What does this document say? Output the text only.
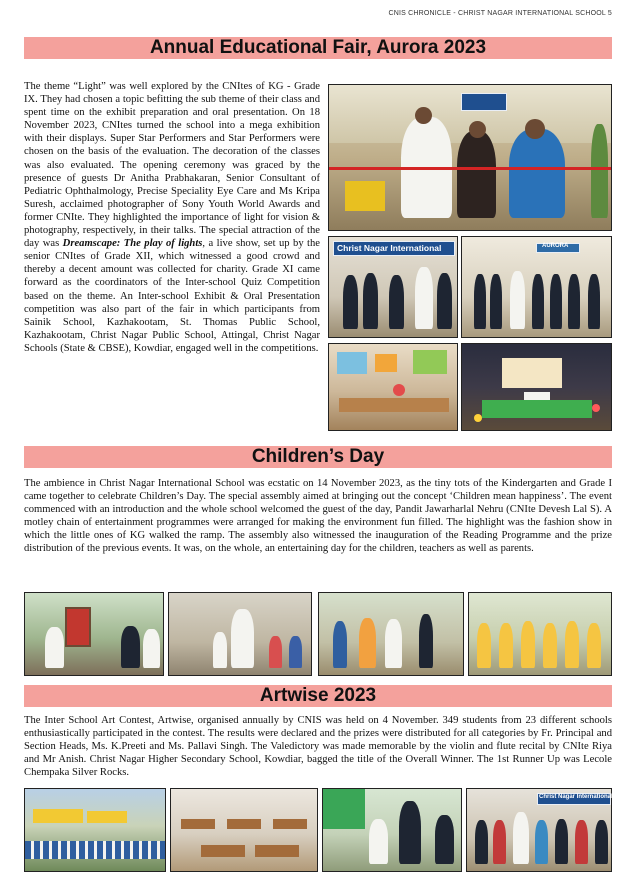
CNIS CHRONICLE - CHRIST NAGAR INTERNATIONAL SCHOOL 5
Annual Educational Fair, Aurora 2023

The theme “Light” was well explored by the CNItes of KG - Grade IX. They had chosen a topic befitting the sub theme of their class and spent time on the exhibit preparation and oral presentation. On 18 November 2023, CNItes turned the school into a mega exhibition with their displays. Super Star Performers and Star Performers were chosen on the basis of the evaluation. The decoration of the classes was also evaluated. The opening ceremony was graced by the presence of guests Dr Anitha Prabhakaran, Senior Consultant of Pediatric Ophthalmology, Precise Speciality Eye Care and Ms Kripa Suresh, acclaimed photographer of Sony Youth World Awards and former CNIte. They highlighted the importance of light for vision & photography, respectively, in their talks. The special attraction of the day was Dreamscape: The play of lights, a live show, set up by the senior CNItes of Grade XII, which witnessed a good crowd and thereby a decent amount was collected for charity. Grade XI came forward as the coordinators of the Inter-school Quiz Competition based on the theme. An Inter-school Exhibit & Oral Presentation competition was also part of the fair in which participants from Sainik School, Kazhakootam, St. Thomas Public School, Kazhakootam, Christ Nagar Public School, Attingal, Christ Nagar Schools (State & CBSE), Kowdiar, engaged well in the competitions.

Christ Nagar International	AURORA
Children’s Day

The ambience in Christ Nagar International School was ecstatic on 14 November 2023, as the tiny tots of the Kindergarten and Grade I came together to celebrate Children’s Day. The special assembly aimed at bringing out the concept ‘Children mean happiness’. The event commenced with an introduction and the whole school welcomed the guest of the day, Pandit Jawarharlal Nehru (CNIte Devesh Lal S). A motley chain of entertainment programmes were arranged for making the environment fun filled. The highlight was the fashion show in which the little ones of KG walked the ramp. The assembly also witnessed the inauguration of the Reading Programme and the prize distribution of the previous events. It was, on the whole, an entertaining day for the children, teachers as well as parents.

Artwise 2023

The Inter School Art Contest, Artwise, organised annually by CNIS was held on 4 November. 349 students from 23 different schools enthusiastically participated in the contest. The results were declared and the prizes were distributed for all categories by Fr. Principal and Section Heads, Ms. K.Preeti and Ms. Pallavi Singh. The Valedictory was made memorable by the violin and flute recital by CNIte Riya and Mr Anish. Christ Nagar Higher Secondary School, Kowdiar, bagged the title of the Overall Winner. The 1st Runner Up was Lecole Chempaka Silver Rocks.

Christ Nagar International Sc
